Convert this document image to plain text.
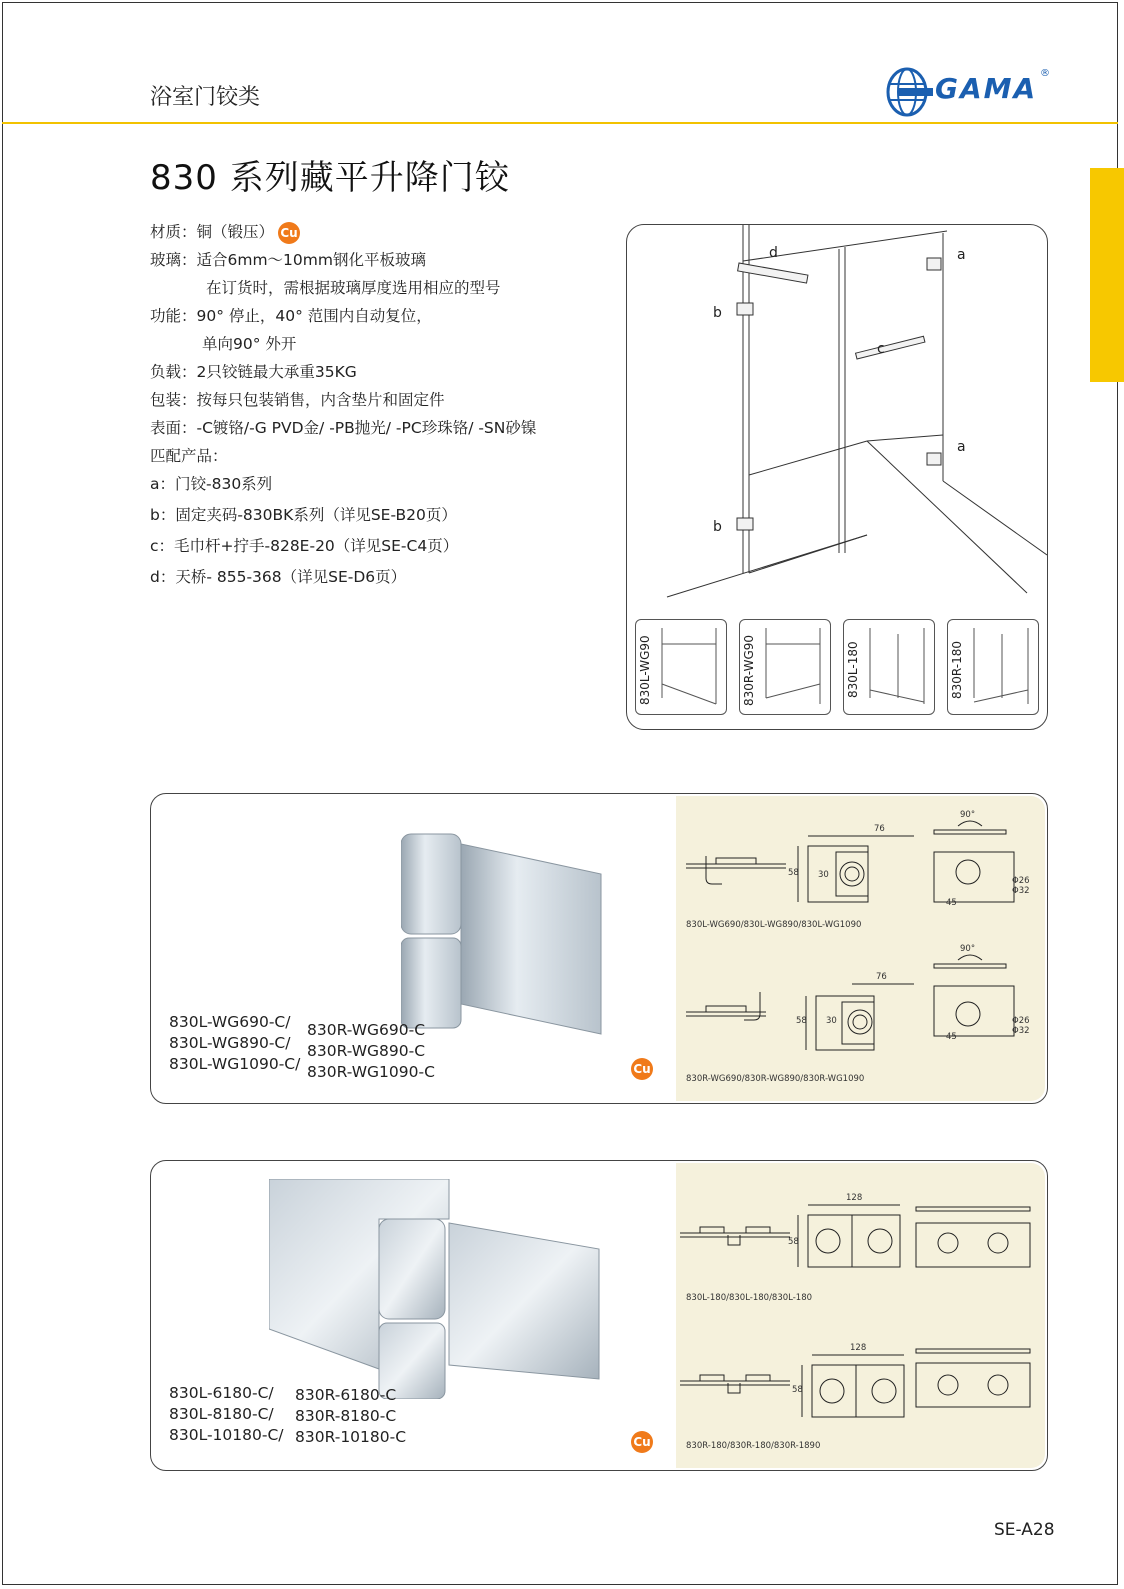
浴室门铰类	GAMA ®
830 系列藏平升降门铰
材质：铜（锻压） Cu
玻璃：适合6mm～10mm钢化平板玻璃
在订货时，需根据玻璃厚度选用相应的型号
功能：90° 停止，40° 范围内自动复位，
单向90° 外开
负载：2只铰链最大承重35KG
包装：按每只包装销售，内含垫片和固定件
表面：-C镀铬/-G PVD金/ -PB抛光/ -PC珍珠铬/ -SN砂镍
匹配产品：
a：门铰-830系列
b：固定夹码-830BK系列（详见SE-B20页）
c：毛巾杆+拧手-828E-20（详见SE-C4页）
d：天桥- 855-368（详见SE-D6页）
d	a
b
c
a
b
830L-WG90	830R-WG90	830L-180	830R-180
830L-WG690-C/
830L-WG890-C/
830L-WG1090-C/
830R-WG690-C
830R-WG890-C
830R-WG1090-C	Cu
76
58 30
90°
Φ26
Φ32
45
830L-WG690/830L-WG890/830L-WG1090
76
58 30
90°
Φ26
Φ32
45
830R-WG690/830R-WG890/830R-WG1090
830L-6180-C/
830L-8180-C/
830L-10180-C/
830R-6180-C
830R-8180-C
830R-10180-C	Cu
128
58
830L-180/830L-180/830L-180
128
58
830R-180/830R-180/830R-1890
SE-A28
